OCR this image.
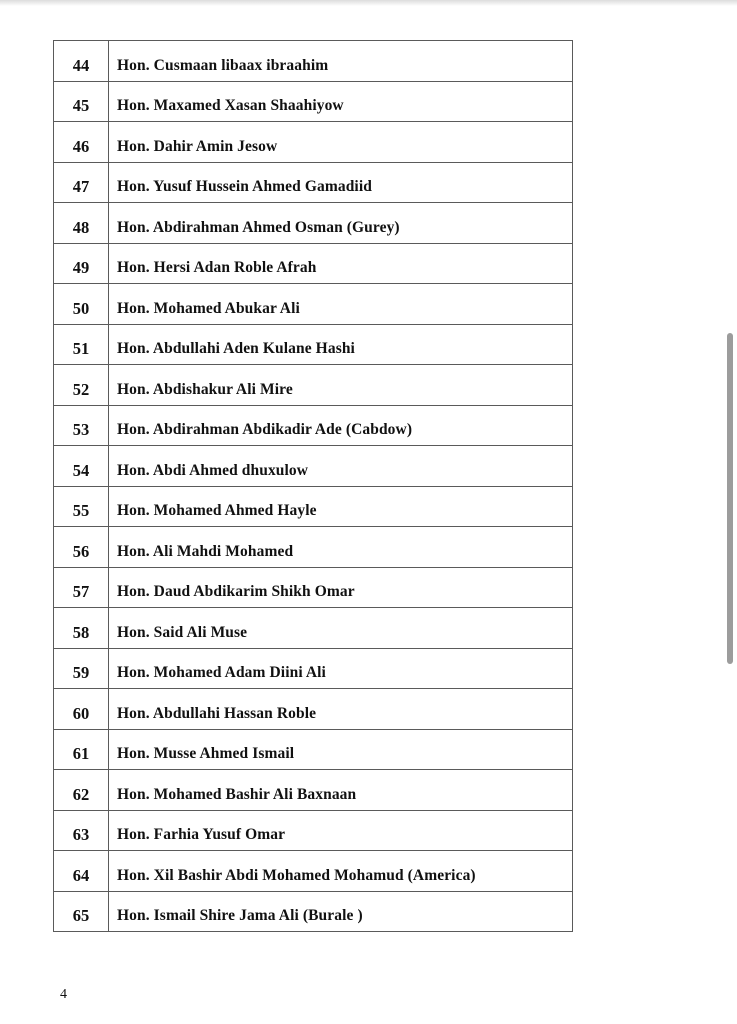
44	Hon. Cusmaan libaax ibraahim
45	Hon. Maxamed Xasan Shaahiyow
46	Hon. Dahir Amin Jesow
47	Hon. Yusuf Hussein Ahmed Gamadiid
48	Hon. Abdirahman Ahmed Osman (Gurey)
49	Hon. Hersi Adan Roble Afrah
50	Hon. Mohamed Abukar Ali
51	Hon. Abdullahi Aden Kulane Hashi
52	Hon. Abdishakur Ali Mire
53	Hon. Abdirahman Abdikadir Ade (Cabdow)
54	Hon. Abdi Ahmed dhuxulow
55	Hon. Mohamed Ahmed Hayle
56	Hon. Ali Mahdi Mohamed
57	Hon. Daud Abdikarim Shikh Omar
58	Hon. Said Ali Muse
59	Hon. Mohamed Adam Diini Ali
60	Hon. Abdullahi Hassan Roble
61	Hon. Musse Ahmed Ismail
62	Hon. Mohamed Bashir Ali Baxnaan
63	Hon. Farhia Yusuf Omar
64	Hon. Xil Bashir Abdi Mohamed Mohamud (America)
65	Hon. Ismail Shire Jama Ali (Burale )
4
